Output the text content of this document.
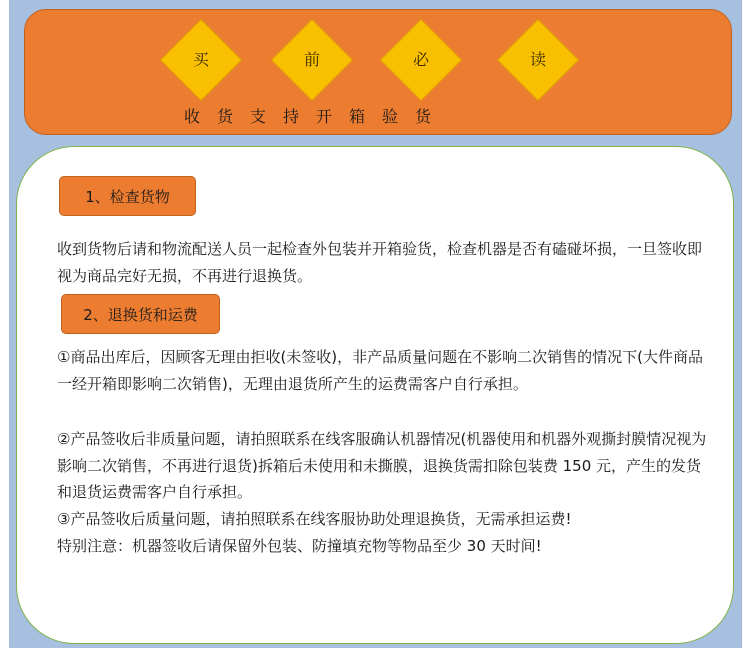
买	前	必	读
收货支持开箱验货
1、检查货物

收到货物后请和物流配送人员一起检查外包装并开箱验货，检查机器是否有磕碰坏损，一旦签收即视为商品完好无损，不再进行退换货。

2、退换货和运费

①商品出库后，因顾客无理由拒收(未签收)，非产品质量问题在不影响二次销售的情况下(大件商品一经开箱即影响二次销售)，无理由退货所产生的运费需客户自行承担。

②产品签收后非质量问题，请拍照联系在线客服确认机器情况(机器使用和机器外观撕封膜情况视为影响二次销售，不再进行退货)拆箱后未使用和未撕膜，退换货需扣除包装费 150 元，产生的发货和退货运费需客户自行承担。

③产品签收后质量问题，请拍照联系在线客服协助处理退换货，无需承担运费!

特别注意：机器签收后请保留外包装、防撞填充物等物品至少 30 天时间!
